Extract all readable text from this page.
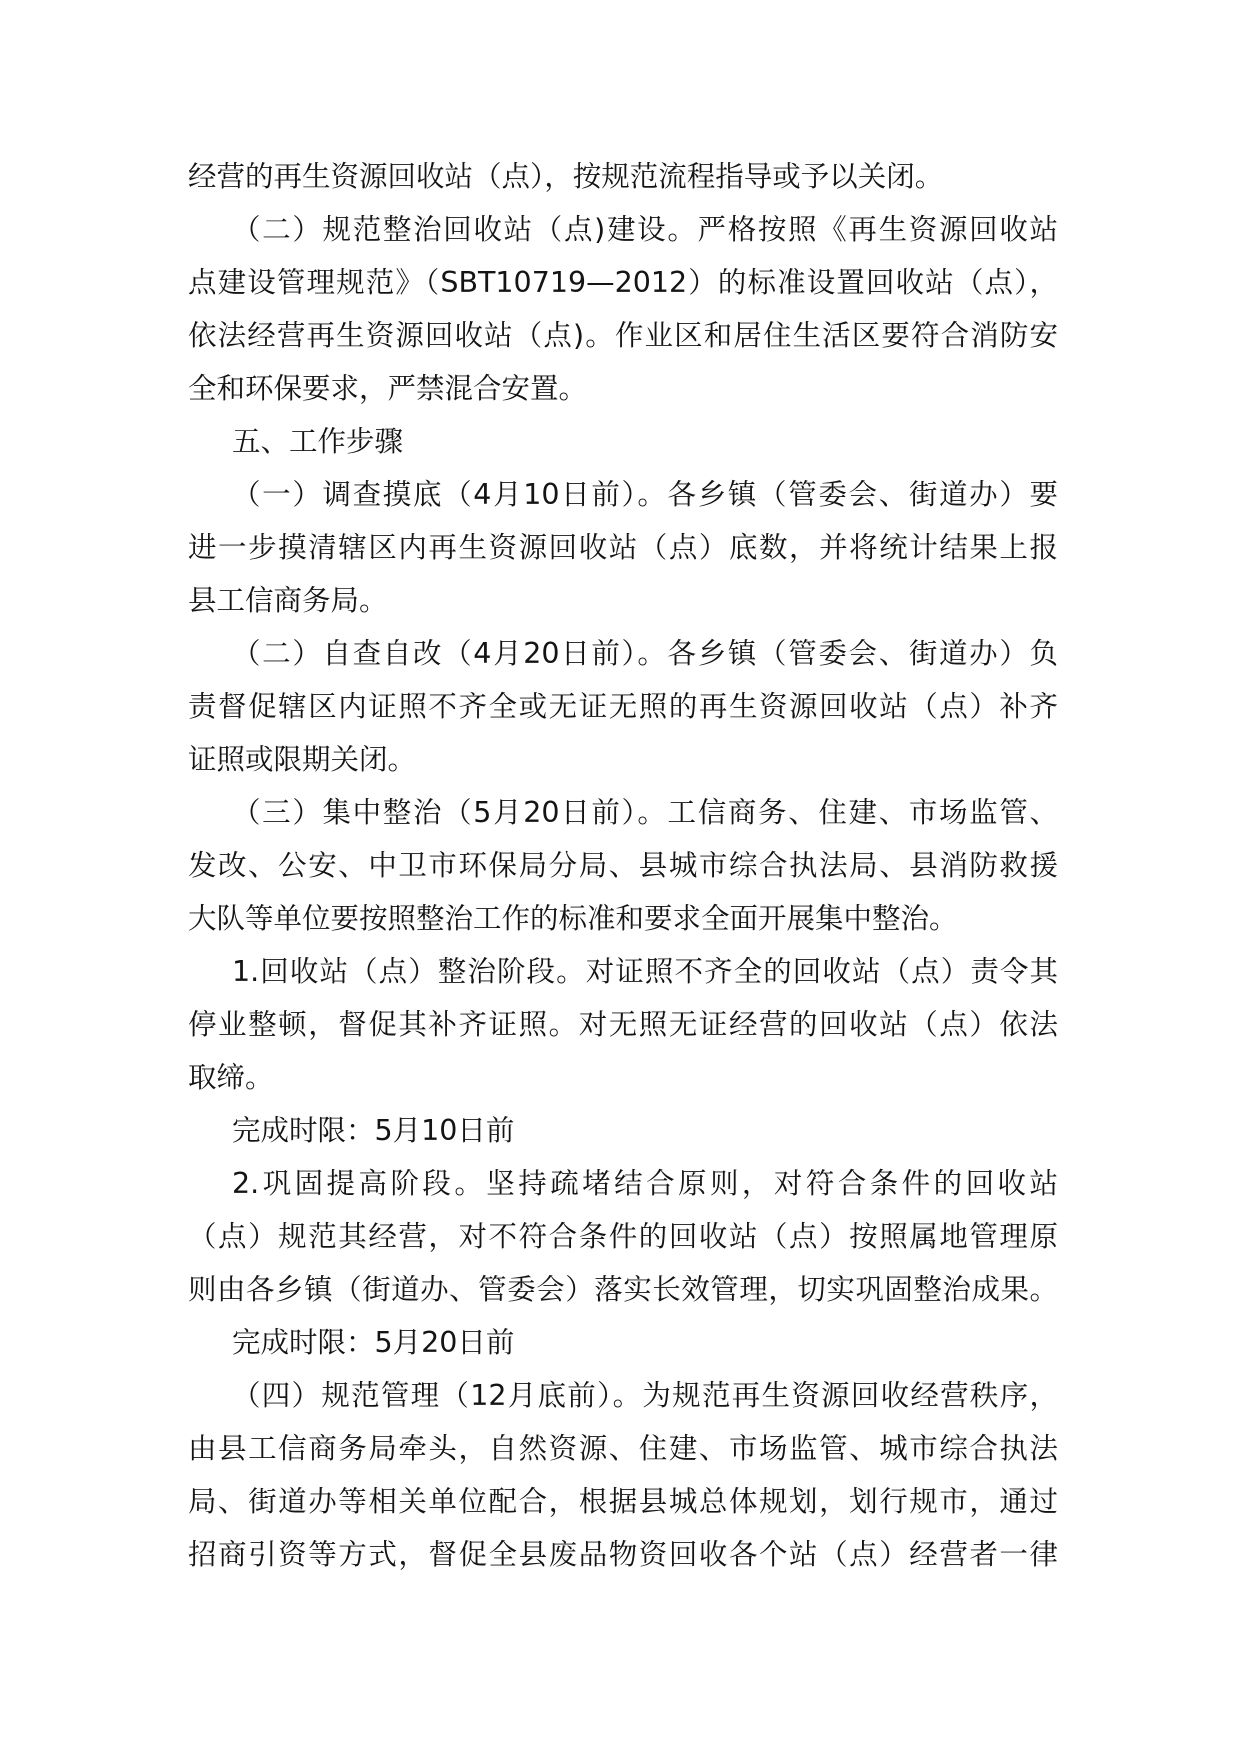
经营的再生资源回收站（点），按规范流程指导或予以关闭。

（二）规范整治回收站（点)建设。严格按照《再生资源回收站

点建设管理规范》（SBT10719—2012）的标准设置回收站（点），

依法经营再生资源回收站（点)。作业区和居住生活区要符合消防安

全和环保要求，严禁混合安置。

五、工作步骤

（一）调查摸底（4月10日前）。各乡镇（管委会、街道办）要

进一步摸清辖区内再生资源回收站（点）底数，并将统计结果上报

县工信商务局。

（二）自查自改（4月20日前）。各乡镇（管委会、街道办）负

责督促辖区内证照不齐全或无证无照的再生资源回收站（点）补齐

证照或限期关闭。

（三）集中整治（5月20日前）。工信商务、住建、市场监管、

发改、公安、中卫市环保局分局、县城市综合执法局、县消防救援

大队等单位要按照整治工作的标准和要求全面开展集中整治。

1.回收站（点）整治阶段。对证照不齐全的回收站（点）责令其

停业整顿，督促其补齐证照。对无照无证经营的回收站（点）依法

取缔。

完成时限：5月10日前

2.巩固提高阶段。坚持疏堵结合原则，对符合条件的回收站

（点）规范其经营，对不符合条件的回收站（点）按照属地管理原

则由各乡镇（街道办、管委会）落实长效管理，切实巩固整治成果。

完成时限：5月20日前

（四）规范管理（12月底前）。为规范再生资源回收经营秩序，

由县工信商务局牵头，自然资源、住建、市场监管、城市综合执法

局、街道办等相关单位配合，根据县城总体规划，划行规市，通过

招商引资等方式，督促全县废品物资回收各个站（点）经营者一律
